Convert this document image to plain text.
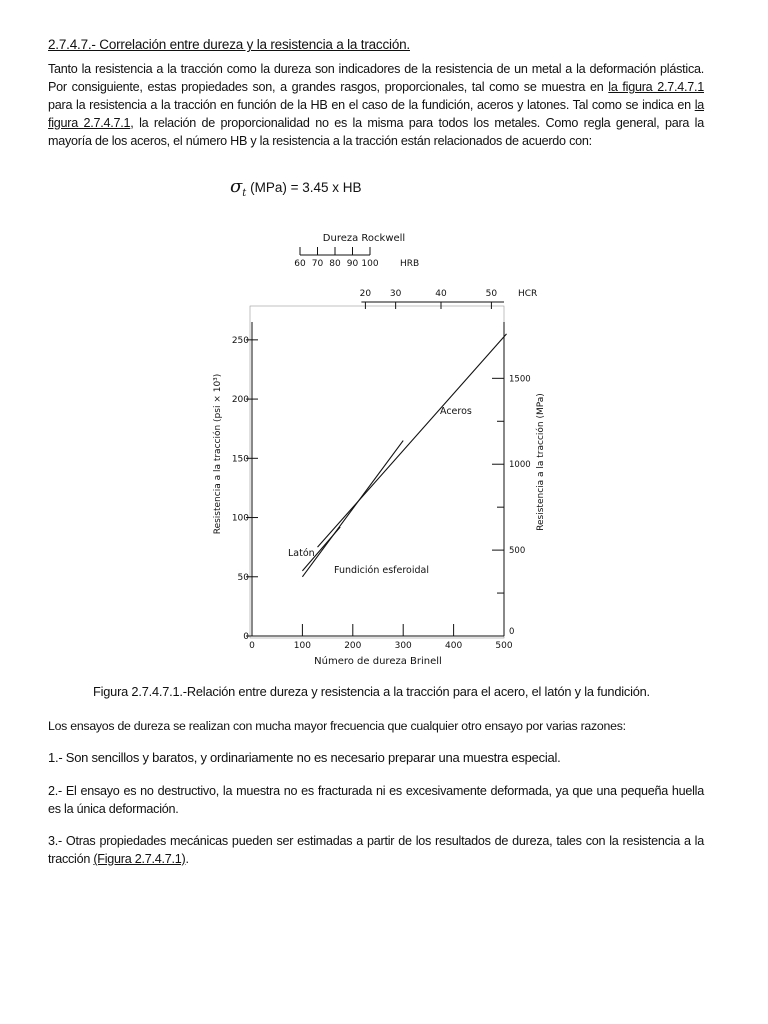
2.7.4.7.- Correlación entre dureza y la resistencia a la tracción.

Tanto la resistencia a la tracción como la dureza son indicadores de la resistencia de un metal a la deformación plástica. Por consiguiente, estas propiedades son, a grandes rasgos, proporcionales, tal como se muestra en la figura 2.7.4.7.1 para la resistencia a la tracción en función de la HB en el caso de la fundición, aceros y latones. Tal como se indica en la figura 2.7.4.7.1, la relación de proporcionalidad no es la misma para todos los metales. Como regla general, para la mayoría de los aceros, el número HB y la resistencia a la tracción están relacionados de acuerdo con:

$\sigma_t$ (MPa) = 3.45 x HB
60 70 80 90 100 HRB
20 30	40	50 HCR
0	100	200	300	400	500
0
50
100
150
200
250
0
500
1000
1500
Aceros
Latón
Fundición esferoidal
Dureza Rockwell
Número de dureza Brinell
Resistencia a la tracción (psi × 10³)	Resistencia a la tracción (MPa)
Figura 2.7.4.7.1.-Relación entre dureza y resistencia a la tracción para el acero, el latón y la fundición.

Los ensayos de dureza se realizan con mucha mayor frecuencia que cualquier otro ensayo por varias razones:

1.- Son sencillos y baratos, y ordinariamente no es necesario preparar una muestra especial.

2.- El ensayo es no destructivo, la muestra no es fracturada ni es excesivamente deformada, ya que una pequeña huella es la única deformación.

3.- Otras propiedades mecánicas pueden ser estimadas a partir de los resultados de dureza, tales con la resistencia a la tracción (Figura 2.7.4.7.1).
